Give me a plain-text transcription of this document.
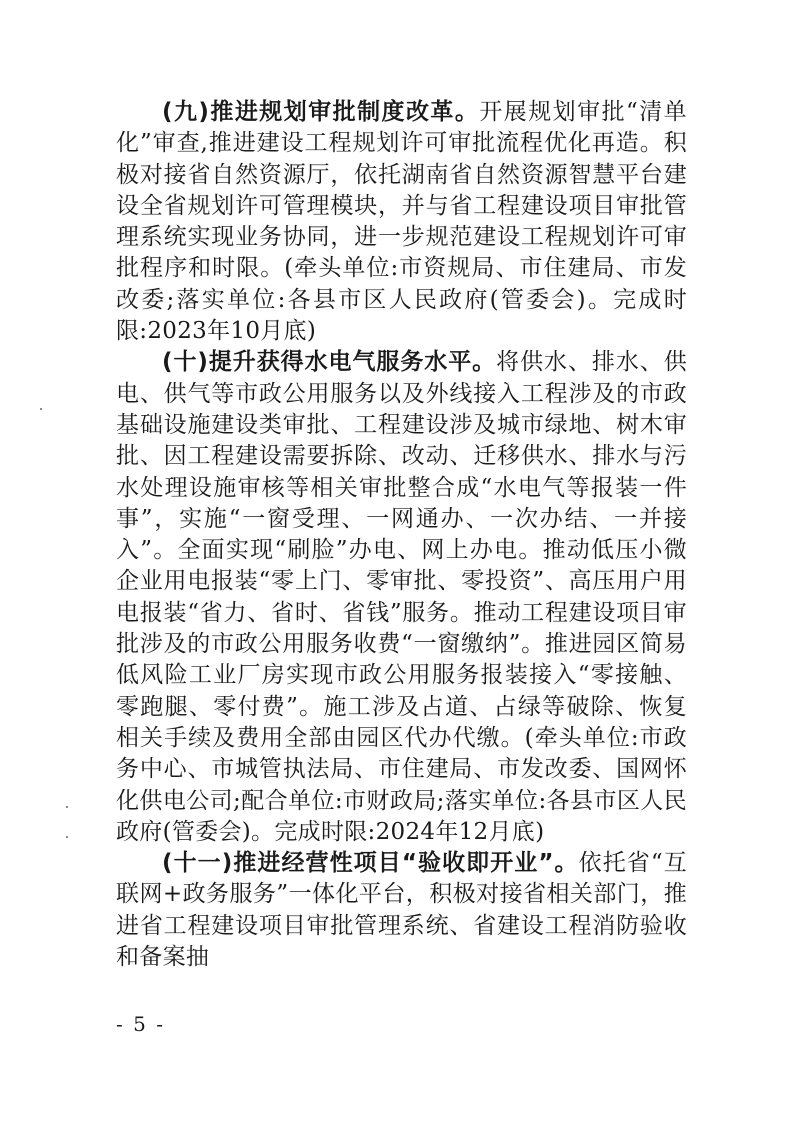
(九)推进规划审批制度改革。开展规划审批“清单化”审查,推进建设工程规划许可审批流程优化再造。积极对接省自然资源厅，依托湖南省自然资源智慧平台建设全省规划许可管理模块，并与省工程建设项目审批管理系统实现业务协同，进一步规范建设工程规划许可审批程序和时限。(牵头单位:市资规局、市住建局、市发改委;落实单位:各县市区人民政府(管委会)。完成时限:2023年10月底)

(十)提升获得水电气服务水平。将供水、排水、供电、供气等市政公用服务以及外线接入工程涉及的市政基础设施建设类审批、工程建设涉及城市绿地、树木审批、因工程建设需要拆除、改动、迁移供水、排水与污水处理设施审核等相关审批整合成“水电气等报装一件事”，实施“一窗受理、一网通办、一次办结、一并接入”。全面实现“刷脸”办电、网上办电。推动低压小微企业用电报装“零上门、零审批、零投资”、高压用户用电报装“省力、省时、省钱”服务。推动工程建设项目审批涉及的市政公用服务收费“一窗缴纳”。推进园区简易低风险工业厂房实现市政公用服务报装接入“零接触、零跑腿、零付费”。施工涉及占道、占绿等破除、恢复相关手续及费用全部由园区代办代缴。(牵头单位:市政务中心、市城管执法局、市住建局、市发改委、国网怀化供电公司;配合单位:市财政局;落实单位:各县市区人民政府(管委会)。完成时限:2024年12月底)

(十一)推进经营性项目“验收即开业”。依托省“互联网+政务服务”一体化平台，积极对接省相关部门，推进省工程建设项目审批管理系统、省建设工程消防验收和备案抽

- 5 -
